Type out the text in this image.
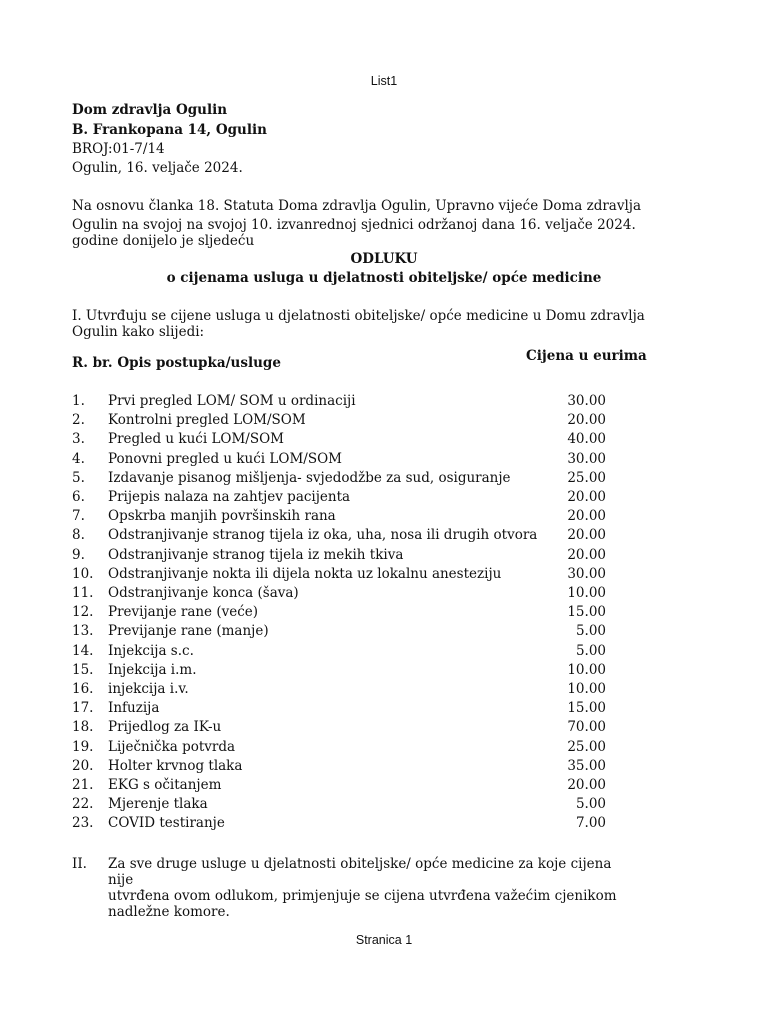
List1
Dom zdravlja Ogulin
B. Frankopana 14, Ogulin
BROJ:01-7/14
Ogulin, 16. veljače 2024.
Na osnovu članka 18. Statuta Doma zdravlja Ogulin, Upravno vijeće Doma zdravlja
Ogulin na svojoj na svojoj 10. izvanrednoj sjednici održanoj dana 16. veljače 2024.
godine donijelo je sljedeću
ODLUKU
o cijenama usluga u djelatnosti obiteljske/ opće medicine
I. Utvrđuju se cijene usluga u djelatnosti obiteljske/ opće medicine u Domu zdravlja
Ogulin kako slijedi:
R. br. Opis postupka/usluge	Cijena u eurima
1. Prvi pregled LOM/ SOM u ordinaciji	30.00
2. Kontrolni pregled LOM/SOM	20.00
3. Pregled u kući LOM/SOM	40.00
4. Ponovni pregled u kući LOM/SOM	30.00
5. Izdavanje pisanog mišljenja- svjedodžbe za sud, osiguranje	25.00
6. Prijepis nalaza na zahtjev pacijenta	20.00
7. Opskrba manjih površinskih rana	20.00
8. Odstranjivanje stranog tijela iz oka, uha, nosa ili drugih otvora	20.00
9. Odstranjivanje stranog tijela iz mekih tkiva	20.00
10. Odstranjivanje nokta ili dijela nokta uz lokalnu anesteziju	30.00
11. Odstranjivanje konca (šava)	10.00
12. Previjanje rane (veće)	15.00
13. Previjanje rane (manje)	5.00
14. Injekcija s.c.	5.00
15. Injekcija i.m.	10.00
16. injekcija i.v.	10.00
17. Infuzija	15.00
18. Prijedlog za IK-u	70.00
19. Liječnička potvrda	25.00
20. Holter krvnog tlaka	35.00
21. EKG s očitanjem	20.00
22. Mjerenje tlaka	5.00
23. COVID testiranje	7.00
II. Za sve druge usluge u djelatnosti obiteljske/ opće medicine za koje cijena nije
utvrđena ovom odlukom, primjenjuje se cijena utvrđena važećim cjenikom
nadležne komore.
Stranica 1
